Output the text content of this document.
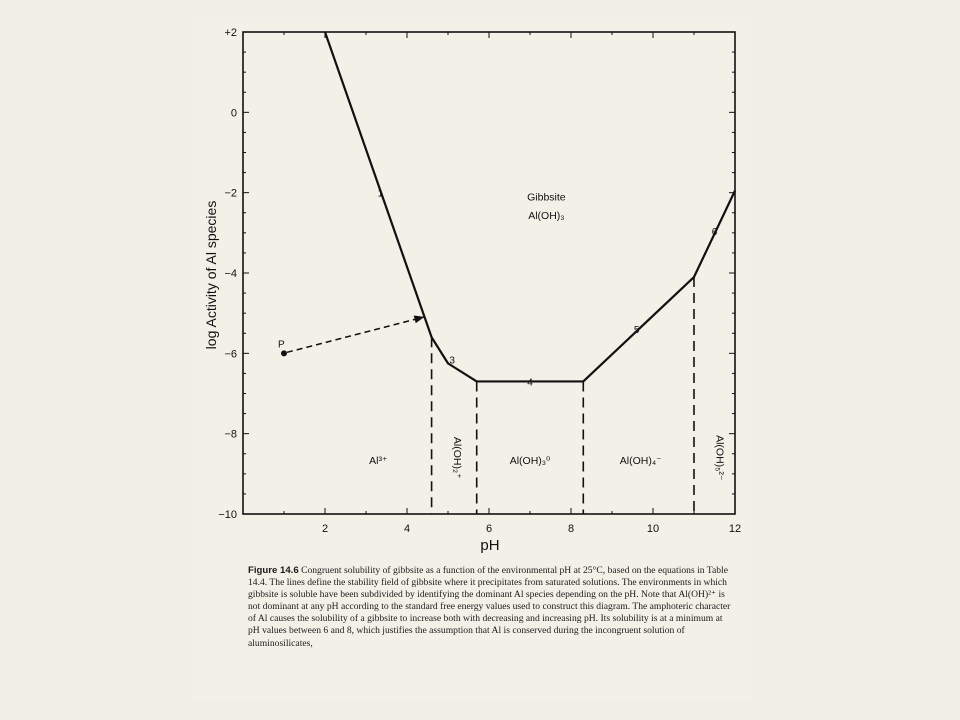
2	4	6	8	10	12
+2
0
−2
−4
−6
−8
−10
P
1
3
4
5
6
Gibbsite
Al(OH)₃
Al³⁺	Al(OH)₃⁰	Al(OH)₄⁻
Al(OH)₂⁺	Al(OH)₅²⁻
pH
log Activity of Al species
Figure 14.6 Congruent solubility of gibbsite as a function of the environmental pH at 25°C, based on the equations in Table 14.4. The lines define the stability field of gibbsite where it precipitates from saturated solutions. The environments in which gibbsite is soluble have been subdivided by identifying the dominant Al species depending on the pH. Note that Al(OH)²⁺ is not dominant at any pH according to the standard free energy values used to construct this diagram. The amphoteric character of Al causes the solubility of a gibbsite to increase both with decreasing and increasing pH. Its solubility is at a minimum at pH values between 6 and 8, which justifies the assumption that Al is conserved during the incongruent solution of aluminosilicates,
